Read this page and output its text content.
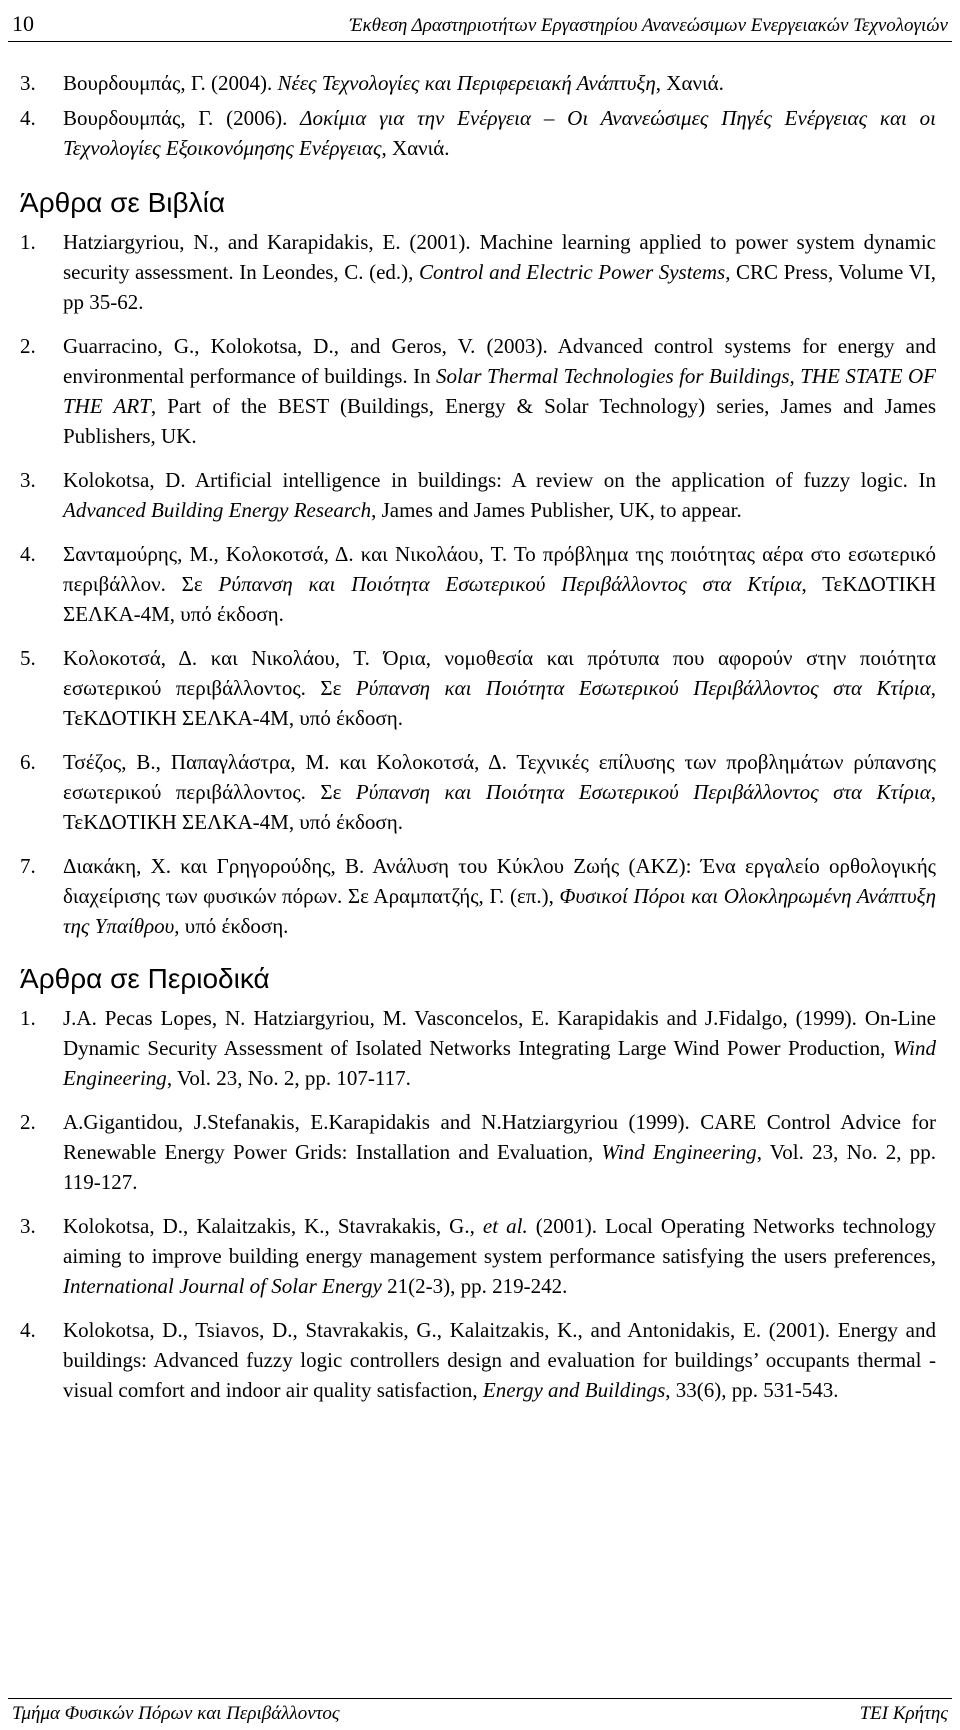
10	Έκθεση Δραστηριοτήτων Εργαστηρίου Ανανεώσιμων Ενεργειακών Τεχνολογιών
3. Βουρδουμπάς, Γ. (2004). Νέες Τεχνολογίες και Περιφερειακή Ανάπτυξη, Χανιά.
4. Βουρδουμπάς, Γ. (2006). Δοκίμια για την Ενέργεια – Οι Ανανεώσιμες Πηγές Ενέργειας και οι Τεχνολογίες Εξοικονόμησης Ενέργειας, Χανιά.
Άρθρα σε Βιβλία
1. Hatziargyriou, N., and Karapidakis, E. (2001). Machine learning applied to power system dynamic security assessment. In Leondes, C. (ed.), Control and Electric Power Systems, CRC Press, Volume VI, pp 35-62.
2. Guarracino, G., Kolokotsa, D., and Geros, V. (2003). Advanced control systems for energy and environmental performance of buildings. In Solar Thermal Technologies for Buildings, THE STATE OF THE ART, Part of the BEST (Buildings, Energy & Solar Technology) series, James and James Publishers, UK.
3. Kolokotsa, D. Artificial intelligence in buildings: A review on the application of fuzzy logic. In Advanced Building Energy Research, James and James Publisher, UK, to appear.
4. Σανταμούρης, Μ., Κολοκοτσά, Δ. και Νικολάου, Τ. Το πρόβλημα της ποιότητας αέρα στο εσωτερικό περιβάλλον. Σε Ρύπανση και Ποιότητα Εσωτερικού Περιβάλλοντος στα Κτίρια, ΤεΚΔΟΤΙΚΗ ΣΕΛΚΑ-4Μ, υπό έκδοση.
5. Κολοκοτσά, Δ. και Νικολάου, Τ. Όρια, νομοθεσία και πρότυπα που αφορούν στην ποιότητα εσωτερικού περιβάλλοντος. Σε Ρύπανση και Ποιότητα Εσωτερικού Περιβάλλοντος στα Κτίρια, ΤεΚΔΟΤΙΚΗ ΣΕΛΚΑ-4Μ, υπό έκδοση.
6. Τσέζος, Β., Παπαγλάστρα, Μ. και Κολοκοτσά, Δ. Τεχνικές επίλυσης των προβλημάτων ρύπανσης εσωτερικού περιβάλλοντος. Σε Ρύπανση και Ποιότητα Εσωτερικού Περιβάλλοντος στα Κτίρια, ΤεΚΔΟΤΙΚΗ ΣΕΛΚΑ-4Μ, υπό έκδοση.
7. Διακάκη, Χ. και Γρηγορούδης, Β. Ανάλυση του Κύκλου Ζωής (ΑΚΖ): Ένα εργαλείο ορθολογικής διαχείρισης των φυσικών πόρων. Σε Αραμπατζής, Γ. (επ.), Φυσικοί Πόροι και Ολοκληρωμένη Ανάπτυξη της Υπαίθρου, υπό έκδοση.
Άρθρα σε Περιοδικά
1. J.A. Pecas Lopes, N. Hatziargyriou, M. Vasconcelos, E. Karapidakis and J.Fidalgo, (1999). On-Line Dynamic Security Assessment of Isolated Networks Integrating Large Wind Power Production, Wind Engineering, Vol. 23, No. 2, pp. 107-117.
2. A.Gigantidou, J.Stefanakis, E.Karapidakis and N.Hatziargyriou (1999). CARE Control Advice for Renewable Energy Power Grids: Installation and Evaluation, Wind Engineering, Vol. 23, No. 2, pp. 119-127.
3. Kolokotsa, D., Kalaitzakis, K., Stavrakakis, G., et al. (2001). Local Operating Networks technology aiming to improve building energy management system performance satisfying the users preferences, International Journal of Solar Energy 21(2-3), pp. 219-242.
4. Kolokotsa, D., Tsiavos, D., Stavrakakis, G., Kalaitzakis, K., and Antonidakis, E. (2001). Energy and buildings: Advanced fuzzy logic controllers design and evaluation for buildings’ occupants thermal - visual comfort and indoor air quality satisfaction, Energy and Buildings, 33(6), pp. 531-543.
Τμήμα Φυσικών Πόρων και Περιβάλλοντος	ΤΕΙ Κρήτης
